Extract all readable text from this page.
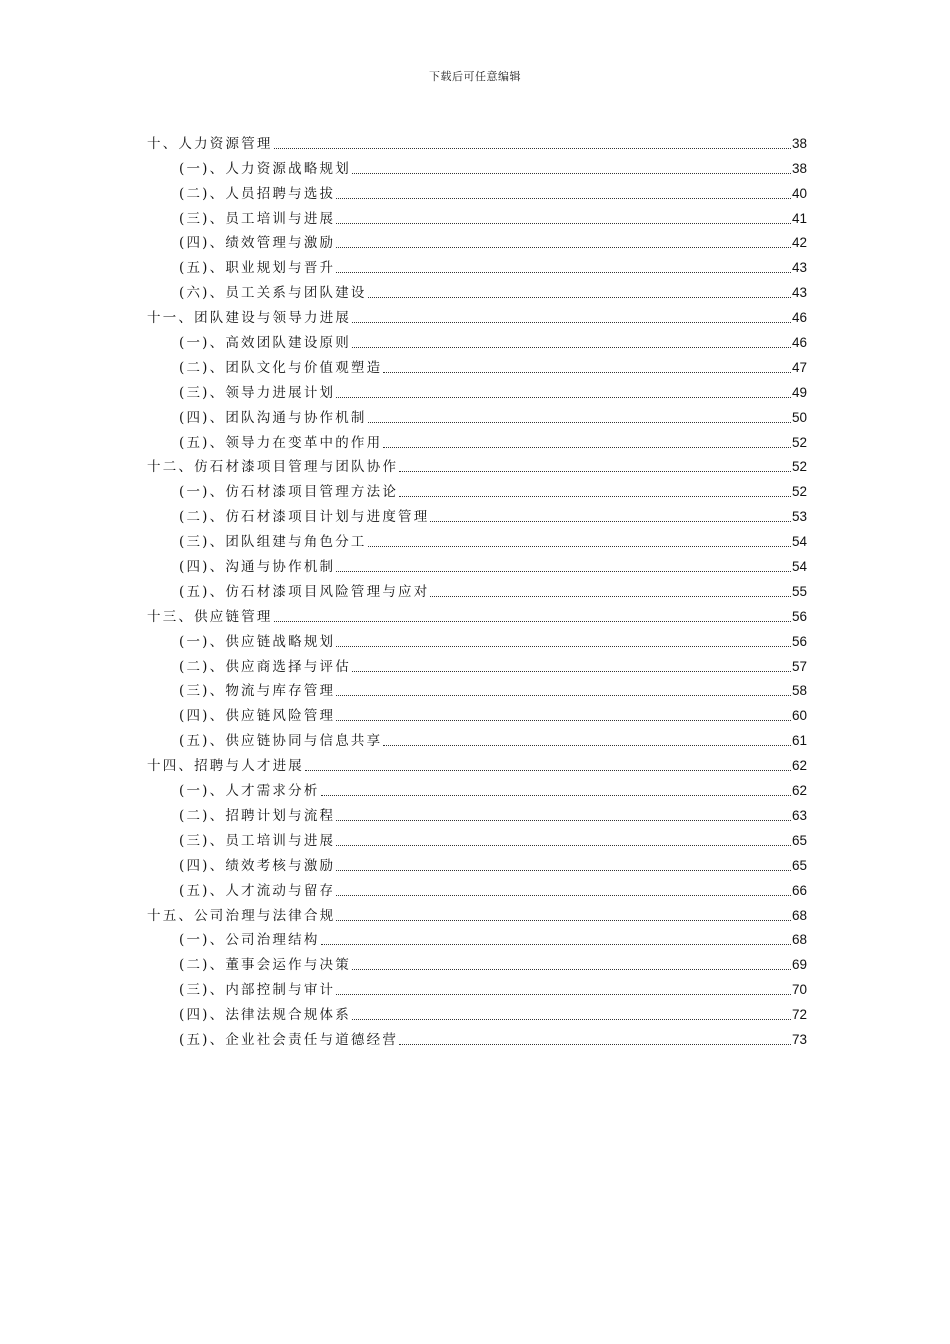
下载后可任意编辑
十、人力资源管理	38
(一)、人力资源战略规划	38
(二)、人员招聘与选拔	40
(三)、员工培训与进展	41
(四)、绩效管理与激励	42
(五)、职业规划与晋升	43
(六)、员工关系与团队建设	43
十一、团队建设与领导力进展	46
(一)、高效团队建设原则	46
(二)、团队文化与价值观塑造	47
(三)、领导力进展计划	49
(四)、团队沟通与协作机制	50
(五)、领导力在变革中的作用	52
十二、仿石材漆项目管理与团队协作	52
(一)、仿石材漆项目管理方法论	52
(二)、仿石材漆项目计划与进度管理	53
(三)、团队组建与角色分工	54
(四)、沟通与协作机制	54
(五)、仿石材漆项目风险管理与应对	55
十三、供应链管理	56
(一)、供应链战略规划	56
(二)、供应商选择与评估	57
(三)、物流与库存管理	58
(四)、供应链风险管理	60
(五)、供应链协同与信息共享	61
十四、招聘与人才进展	62
(一)、人才需求分析	62
(二)、招聘计划与流程	63
(三)、员工培训与进展	65
(四)、绩效考核与激励	65
(五)、人才流动与留存	66
十五、公司治理与法律合规	68
(一)、公司治理结构	68
(二)、董事会运作与决策	69
(三)、内部控制与审计	70
(四)、法律法规合规体系	72
(五)、企业社会责任与道德经营	73
